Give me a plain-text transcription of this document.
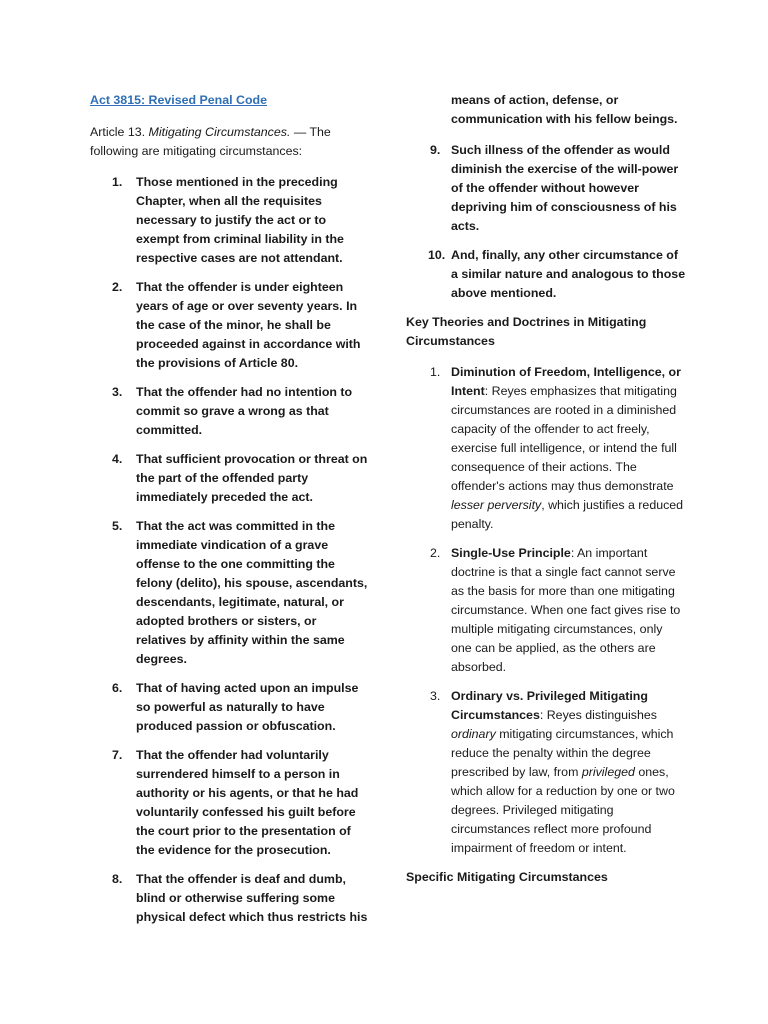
Act 3815: Revised Penal Code

Article 13. Mitigating Circumstances. — The following are mitigating circumstances:

1. Those mentioned in the preceding Chapter, when all the requisites necessary to justify the act or to exempt from criminal liability in the respective cases are not attendant.
2. That the offender is under eighteen years of age or over seventy years. In the case of the minor, he shall be proceeded against in accordance with the provisions of Article 80.
3. That the offender had no intention to commit so grave a wrong as that committed.
4. That sufficient provocation or threat on the part of the offended party immediately preceded the act.
5. That the act was committed in the immediate vindication of a grave offense to the one committing the felony (delito), his spouse, ascendants, descendants, legitimate, natural, or adopted brothers or sisters, or relatives by affinity within the same degrees.
6. That of having acted upon an impulse so powerful as naturally to have produced passion or obfuscation.
7. That the offender had voluntarily surrendered himself to a person in authority or his agents, or that he had voluntarily confessed his guilt before the court prior to the presentation of the evidence for the prosecution.
8. That the offender is deaf and dumb, blind or otherwise suffering some physical defect which thus restricts his
means of action, defense, or communication with his fellow beings.
9. Such illness of the offender as would diminish the exercise of the will-power of the offender without however depriving him of consciousness of his acts.
10. And, finally, any other circumstance of a similar nature and analogous to those above mentioned.
Key Theories and Doctrines in Mitigating Circumstances
1. Diminution of Freedom, Intelligence, or Intent: Reyes emphasizes that mitigating circumstances are rooted in a diminished capacity of the offender to act freely, exercise full intelligence, or intend the full consequence of their actions. The offender's actions may thus demonstrate lesser perversity, which justifies a reduced penalty.
2. Single-Use Principle: An important doctrine is that a single fact cannot serve as the basis for more than one mitigating circumstance. When one fact gives rise to multiple mitigating circumstances, only one can be applied, as the others are absorbed.
3. Ordinary vs. Privileged Mitigating Circumstances: Reyes distinguishes ordinary mitigating circumstances, which reduce the penalty within the degree prescribed by law, from privileged ones, which allow for a reduction by one or two degrees. Privileged mitigating circumstances reflect more profound impairment of freedom or intent.
Specific Mitigating Circumstances
